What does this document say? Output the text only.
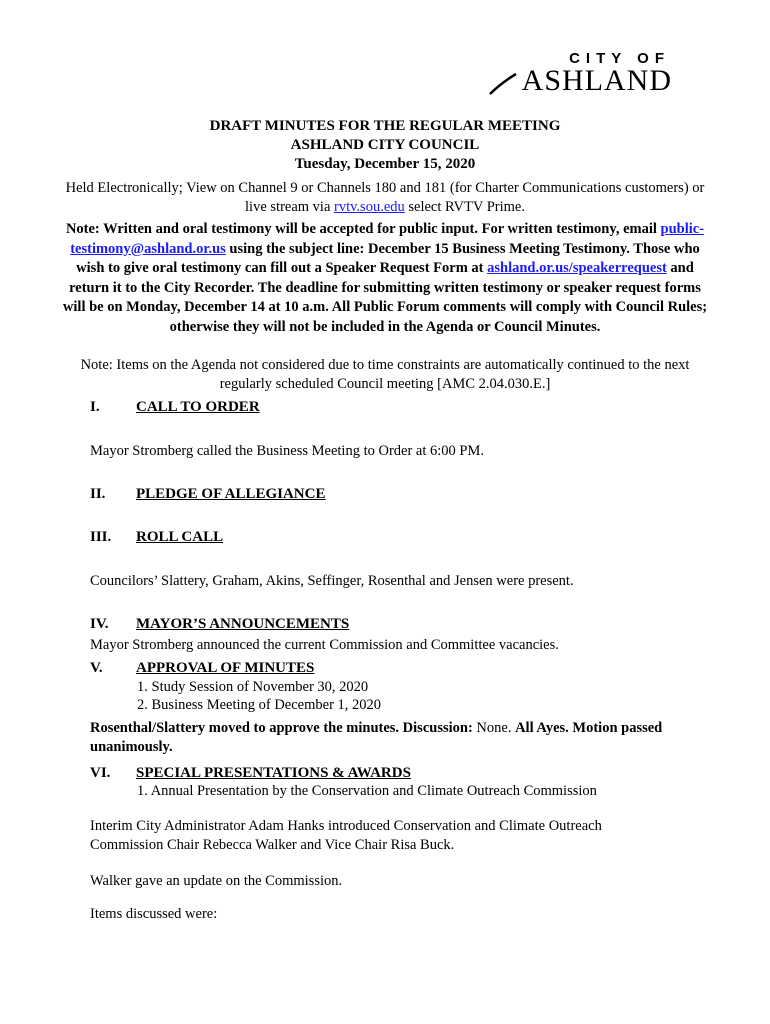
CITY OF
ASHLAND
DRAFT MINUTES FOR THE REGULAR MEETING
ASHLAND CITY COUNCIL
Tuesday, December 15, 2020
Held Electronically; View on Channel 9 or Channels 180 and 181 (for Charter Communications customers) or live stream via rvtv.sou.edu select RVTV Prime.
Note: Written and oral testimony will be accepted for public input. For written testimony, email public-testimony@ashland.or.us using the subject line: December 15 Business Meeting Testimony. Those who wish to give oral testimony can fill out a Speaker Request Form at ashland.or.us/speakerrequest and return it to the City Recorder. The deadline for submitting written testimony or speaker request forms will be on Monday, December 14 at 10 a.m. All Public Forum comments will comply with Council Rules; otherwise they will not be included in the Agenda or Council Minutes.
Note: Items on the Agenda not considered due to time constraints are automatically continued to the next regularly scheduled Council meeting [AMC 2.04.030.E.]
I. CALL TO ORDER
Mayor Stromberg called the Business Meeting to Order at 6:00 PM.
II. PLEDGE OF ALLEGIANCE
III. ROLL CALL
Councilors’ Slattery, Graham, Akins, Seffinger, Rosenthal and Jensen were present.
IV. MAYOR’S ANNOUNCEMENTS
Mayor Stromberg announced the current Commission and Committee vacancies.
V. APPROVAL OF MINUTES
1. Study Session of November 30, 2020
2. Business Meeting of December 1, 2020
Rosenthal/Slattery moved to approve the minutes. Discussion: None. All Ayes. Motion passed unanimously.
VI. SPECIAL PRESENTATIONS & AWARDS
1. Annual Presentation by the Conservation and Climate Outreach Commission
Interim City Administrator Adam Hanks introduced Conservation and Climate Outreach Commission Chair Rebecca Walker and Vice Chair Risa Buck.
Walker gave an update on the Commission.
Items discussed were:
